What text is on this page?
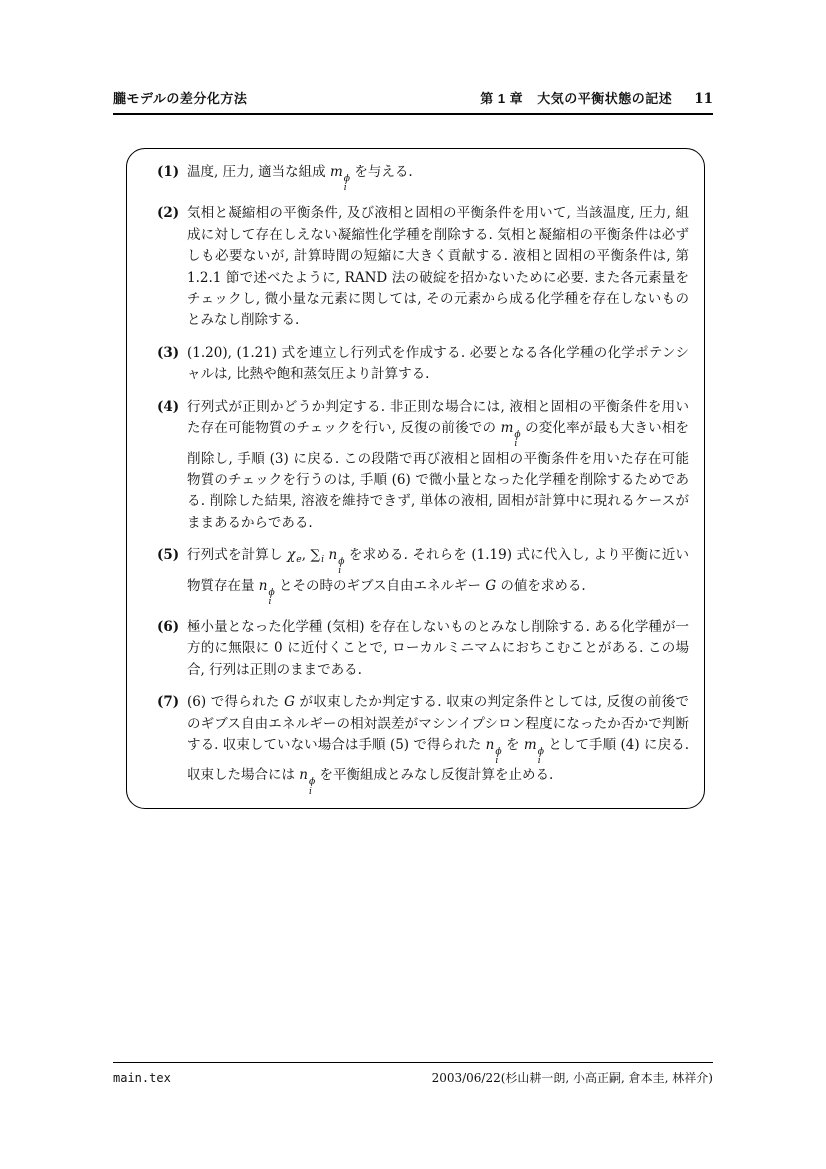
朧モデルの差分化方法	第 1 章 大気の平衡状態の記述 11
(1) 温度, 圧力, 適当な組成 m ϕ
i
を与える.
(2) 気相と凝縮相の平衡条件, 及び液相と固相の平衡条件を用いて, 当該温度, 圧力, 組成に対して存在しえない凝縮性化学種を削除する. 気相と凝縮相の平衡条件は必ずしも必要ないが, 計算時間の短縮に大きく貢献する. 液相と固相の平衡条件は, 第 1.2.1 節で述べたように, RAND 法の破綻を招かないために必要. また各元素量をチェックし, 微小量な元素に関しては, その元素から成る化学種を存在しないものとみなし削除する.
(3) (1.20), (1.21) 式を連立し行列式を作成する. 必要となる各化学種の化学ポテンシャルは, 比熱や飽和蒸気圧より計算する.
(4) 行列式が正則かどうか判定する. 非正則な場合には, 液相と固相の平衡条件を用いた存在可能物質のチェックを行い, 反復の前後での m ϕ
i
の変化率が最も大きい相を削除し, 手順 (3) に戻る. この段階で再び液相と固相の平衡条件を用いた存在可能物質のチェックを行うのは, 手順 (6) で微小量となった化学種を削除するためである. 削除した結果, 溶液を維持できず, 単体の液相, 固相が計算中に現れるケースがままあるからである.
(5) 行列式を計算し $\chi_e$, $\sum_i$ n ϕ
i
を求める. それらを (1.19) 式に代入し, より平衡に近い物質存在量 n ϕ
i
とその時のギブス自由エネルギー G の値を求める.
(6) 極小量となった化学種 (気相) を存在しないものとみなし削除する. ある化学種が一方的に無限に 0 に近付くことで, ローカルミニマムにおちこむことがある. この場合, 行列は正則のままである.
(7) (6) で得られた G が収束したか判定する. 収束の判定条件としては, 反復の前後でのギブス自由エネルギーの相対誤差がマシンイプシロン程度になったか否かで判断する. 収束していない場合は手順 (5) で得られた n ϕ
i
を m ϕ
i
として手順 (4) に戻る. 収束した場合には n ϕ
i
を平衡組成とみなし反復計算を止める.
main.tex	2003/06/22(杉山耕一朗, 小高正嗣, 倉本圭, 林祥介)
